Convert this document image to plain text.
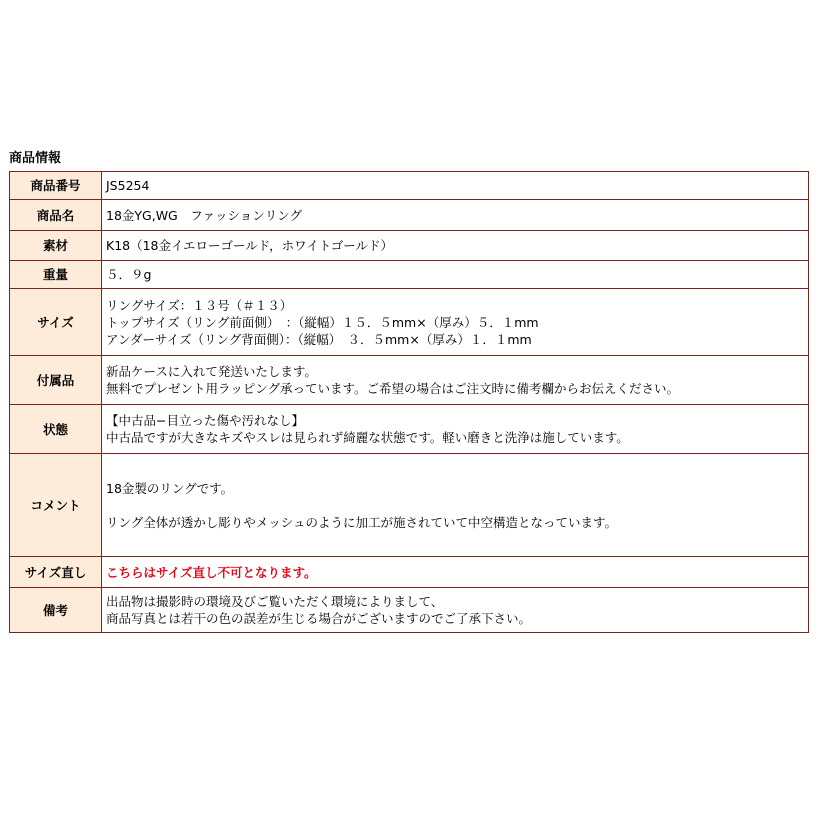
商品情報
商品番号	JS5254
商品名	18金YG,WG　ファッションリング
素材	K18（18金イエローゴールド，ホワイトゴールド）
重量	５．９g
サイズ	リングサイズ：１３号（＃１３）
トップサイズ（リング前面側）　：（縦幅）１５．５mm×（厚み）５．１mm
アンダーサイズ（リング背面側）：（縦幅）　３．５mm×（厚み）１．１mm

付属品	新品ケースに入れて発送いたします。
無料でプレゼント用ラッピング承っています。ご希望の場合はご注文時に備考欄からお伝えください。

状態	【中古品−目立った傷や汚れなし】
中古品ですが大きなキズやスレは見られず綺麗な状態です。軽い磨きと洗浄は施しています。

コメント	18金製のリングです。
リング全体が透かし彫りやメッシュのように加工が施されていて中空構造となっています。

サイズ直し	こちらはサイズ直し不可となります。
備考	出品物は撮影時の環境及びご覧いただく環境によりまして、
商品写真とは若干の色の誤差が生じる場合がございますのでご了承下さい。
